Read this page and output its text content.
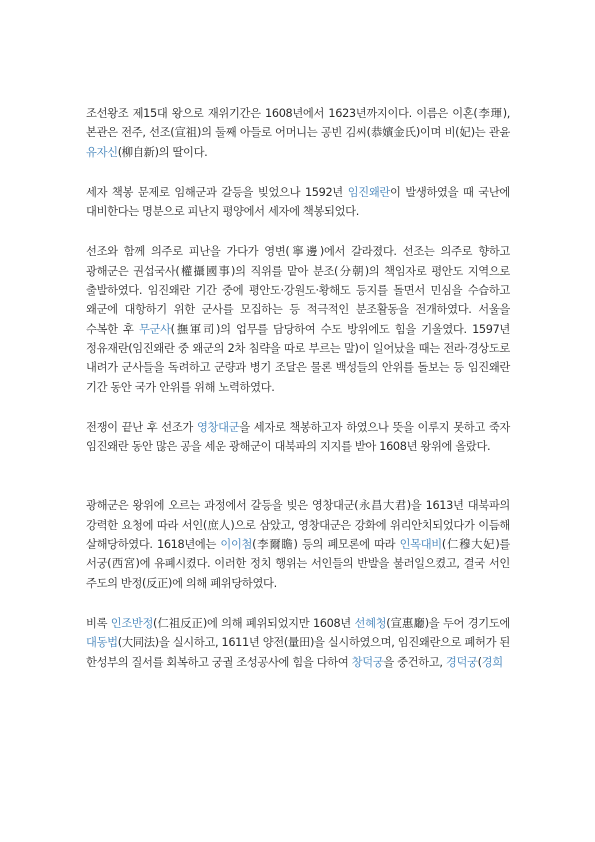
조선왕조 제15대 왕으로 재위기간은 1608년에서 1623년까지이다. 이름은 이혼(李琿), 본관은 전주, 선조(宣祖)의 둘째 아들로 어머니는 공빈 김씨(恭嬪金氏)이며 비(妃)는 관윤 유자신(柳自新)의 딸이다.

세자 책봉 문제로 임해군과 갈등을 빚었으나 1592년 임진왜란이 발생하였을 때 국난에 대비한다는 명분으로 피난지 평양에서 세자에 책봉되었다.

선조와 함께 의주로 피난을 가다가 영변(寧邊)에서 갈라졌다. 선조는 의주로 향하고 광해군은 권섭국사(權攝國事)의 직위를 맡아 분조(分朝)의 책임자로 평안도 지역으로 출발하였다. 임진왜란 기간 중에 평안도·강원도·황해도 등지를 돌면서 민심을 수습하고 왜군에 대항하기 위한 군사를 모집하는 등 적극적인 분조활동을 전개하였다. 서울을 수복한 후 무군사(撫軍司)의 업무를 담당하여 수도 방위에도 힘을 기울였다. 1597년 정유재란(임진왜란 중 왜군의 2차 침략을 따로 부르는 말)이 일어났을 때는 전라·경상도로 내려가 군사들을 독려하고 군량과 병기 조달은 물론 백성들의 안위를 돌보는 등 임진왜란 기간 동안 국가 안위를 위해 노력하였다.

전쟁이 끝난 후 선조가 영창대군을 세자로 책봉하고자 하였으나 뜻을 이루지 못하고 죽자 임진왜란 동안 많은 공을 세운 광해군이 대북파의 지지를 받아 1608년 왕위에 올랐다.

광해군은 왕위에 오르는 과정에서 갈등을 빚은 영창대군(永昌大君)을 1613년 대북파의 강력한 요청에 따라 서인(庶人)으로 삼았고, 영창대군은 강화에 위리안치되었다가 이듬해 살해당하였다. 1618년에는 이이첨(李爾瞻) 등의 폐모론에 따라 인목대비(仁穆大妃)를 서궁(西宮)에 유폐시켰다. 이러한 정치 행위는 서인들의 반발을 불러일으켰고, 결국 서인 주도의 반정(反正)에 의해 폐위당하였다.

비록 인조반정(仁祖反正)에 의해 폐위되었지만 1608년 선혜청(宣惠廳)을 두어 경기도에 대동법(大同法)을 실시하고, 1611년 양전(量田)을 실시하였으며, 임진왜란으로 폐허가 된 한성부의 질서를 회복하고 궁궐 조성공사에 힘을 다하여 창덕궁을 중건하고, 경덕궁(경희
